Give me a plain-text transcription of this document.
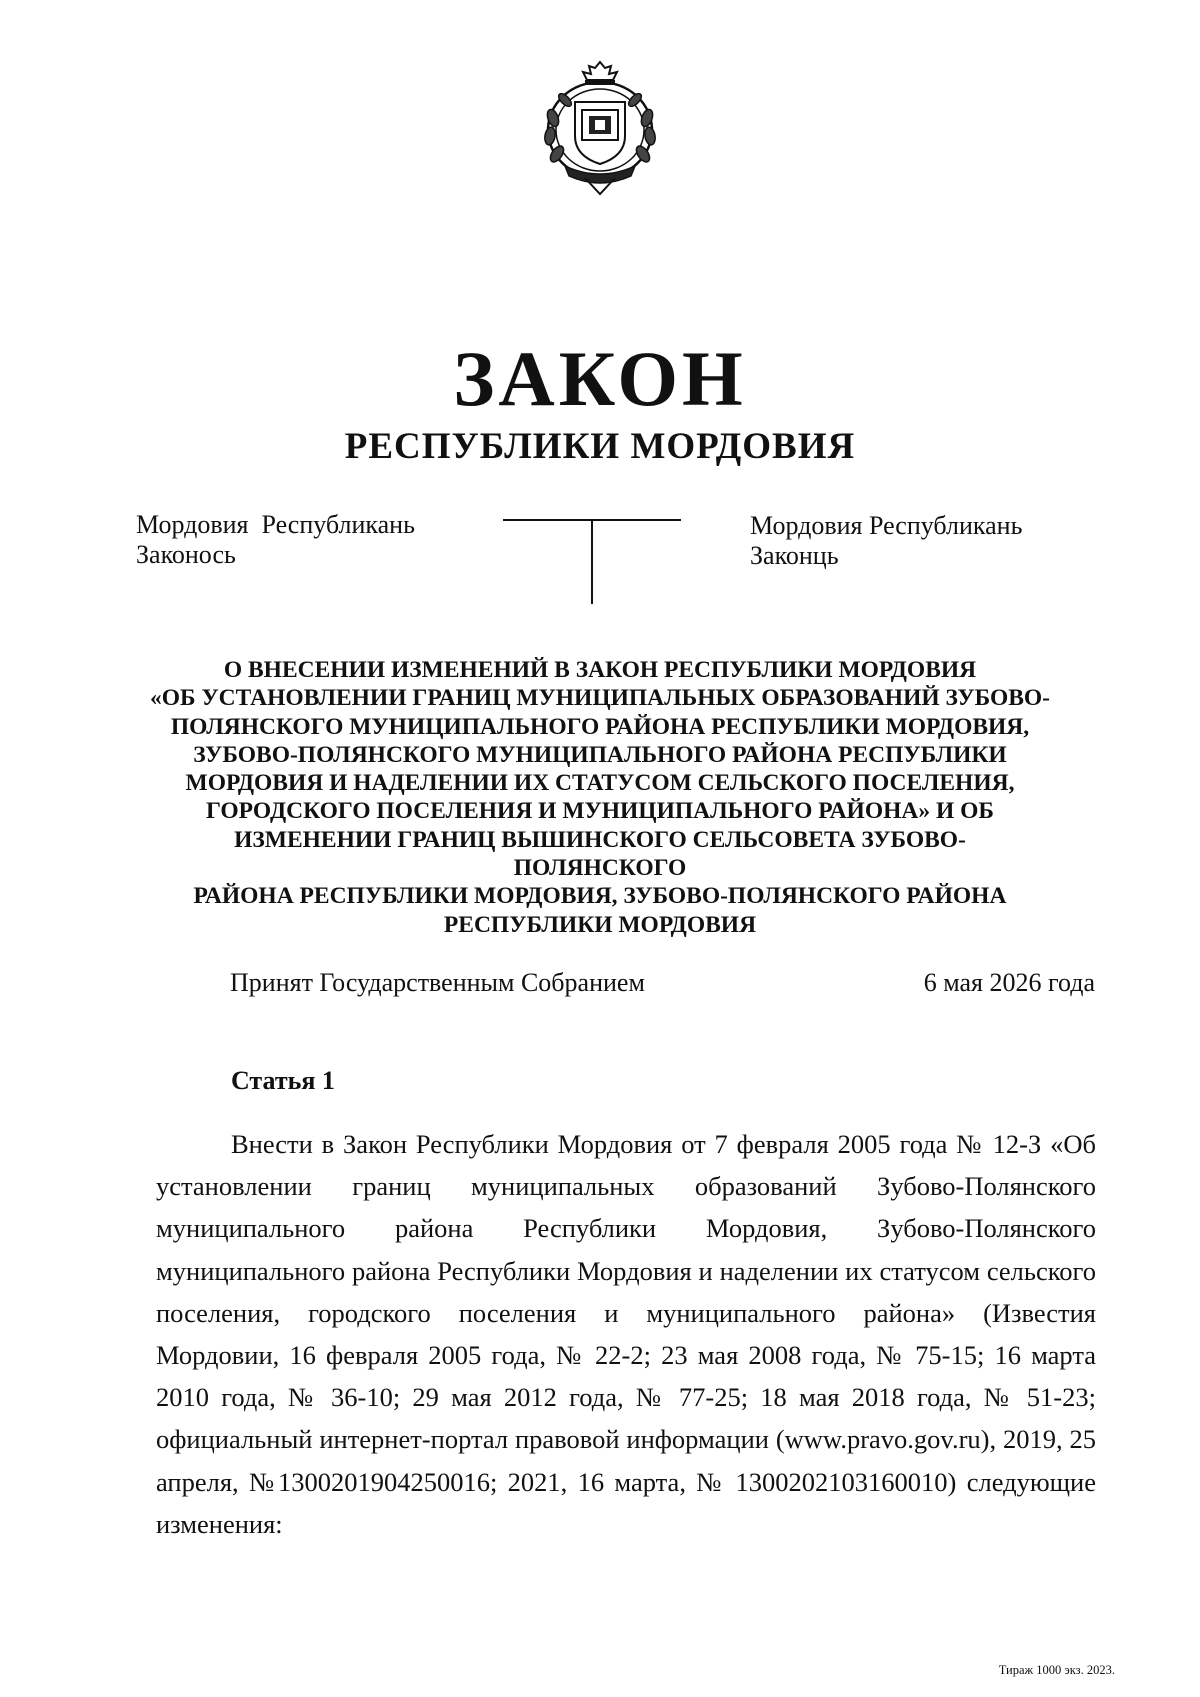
ЗАКОН
РЕСПУБЛИКИ МОРДОВИЯ
Мордовия  Республикань
Законось
Мордовия Республикань
Законць
О ВНЕСЕНИИ ИЗМЕНЕНИЙ В ЗАКОН РЕСПУБЛИКИ МОРДОВИЯ
«ОБ УСТАНОВЛЕНИИ ГРАНИЦ МУНИЦИПАЛЬНЫХ ОБРАЗОВАНИЙ ЗУБОВО-
ПОЛЯНСКОГО МУНИЦИПАЛЬНОГО РАЙОНА РЕСПУБЛИКИ МОРДОВИЯ,
ЗУБОВО-ПОЛЯНСКОГО МУНИЦИПАЛЬНОГО РАЙОНА РЕСПУБЛИКИ
МОРДОВИЯ И НАДЕЛЕНИИ ИХ СТАТУСОМ СЕЛЬСКОГО ПОСЕЛЕНИЯ,
ГОРОДСКОГО ПОСЕЛЕНИЯ И МУНИЦИПАЛЬНОГО РАЙОНА» И ОБ
ИЗМЕНЕНИИ ГРАНИЦ ВЫШИНСКОГО СЕЛЬСОВЕТА ЗУБОВО-ПОЛЯНСКОГО
РАЙОНА РЕСПУБЛИКИ МОРДОВИЯ, ЗУБОВО-ПОЛЯНСКОГО РАЙОНА
РЕСПУБЛИКИ МОРДОВИЯ
Принят Государственным Собранием	6 мая 2026 года
Статья 1
Внести в Закон Республики Мордовия от 7 февраля 2005 года № 12-З «Об установлении границ муниципальных образований Зубово-Полянского муниципального района Республики Мордовия, Зубово-Полянского муниципального района Республики Мордовия и наделении их статусом сельского поселения, городского поселения и муниципального района» (Известия Мордовии, 16 февраля 2005 года, № 22-2; 23 мая 2008 года, № 75-15; 16 марта 2010 года, № 36-10; 29 мая 2012 года, № 77-25; 18 мая 2018 года, № 51-23; официальный интернет-портал правовой информации (www.pravo.gov.ru), 2019, 25 апреля, №1300201904250016; 2021, 16 марта, № 1300202103160010) следующие изменения:
Тираж 1000 экз. 2023.
